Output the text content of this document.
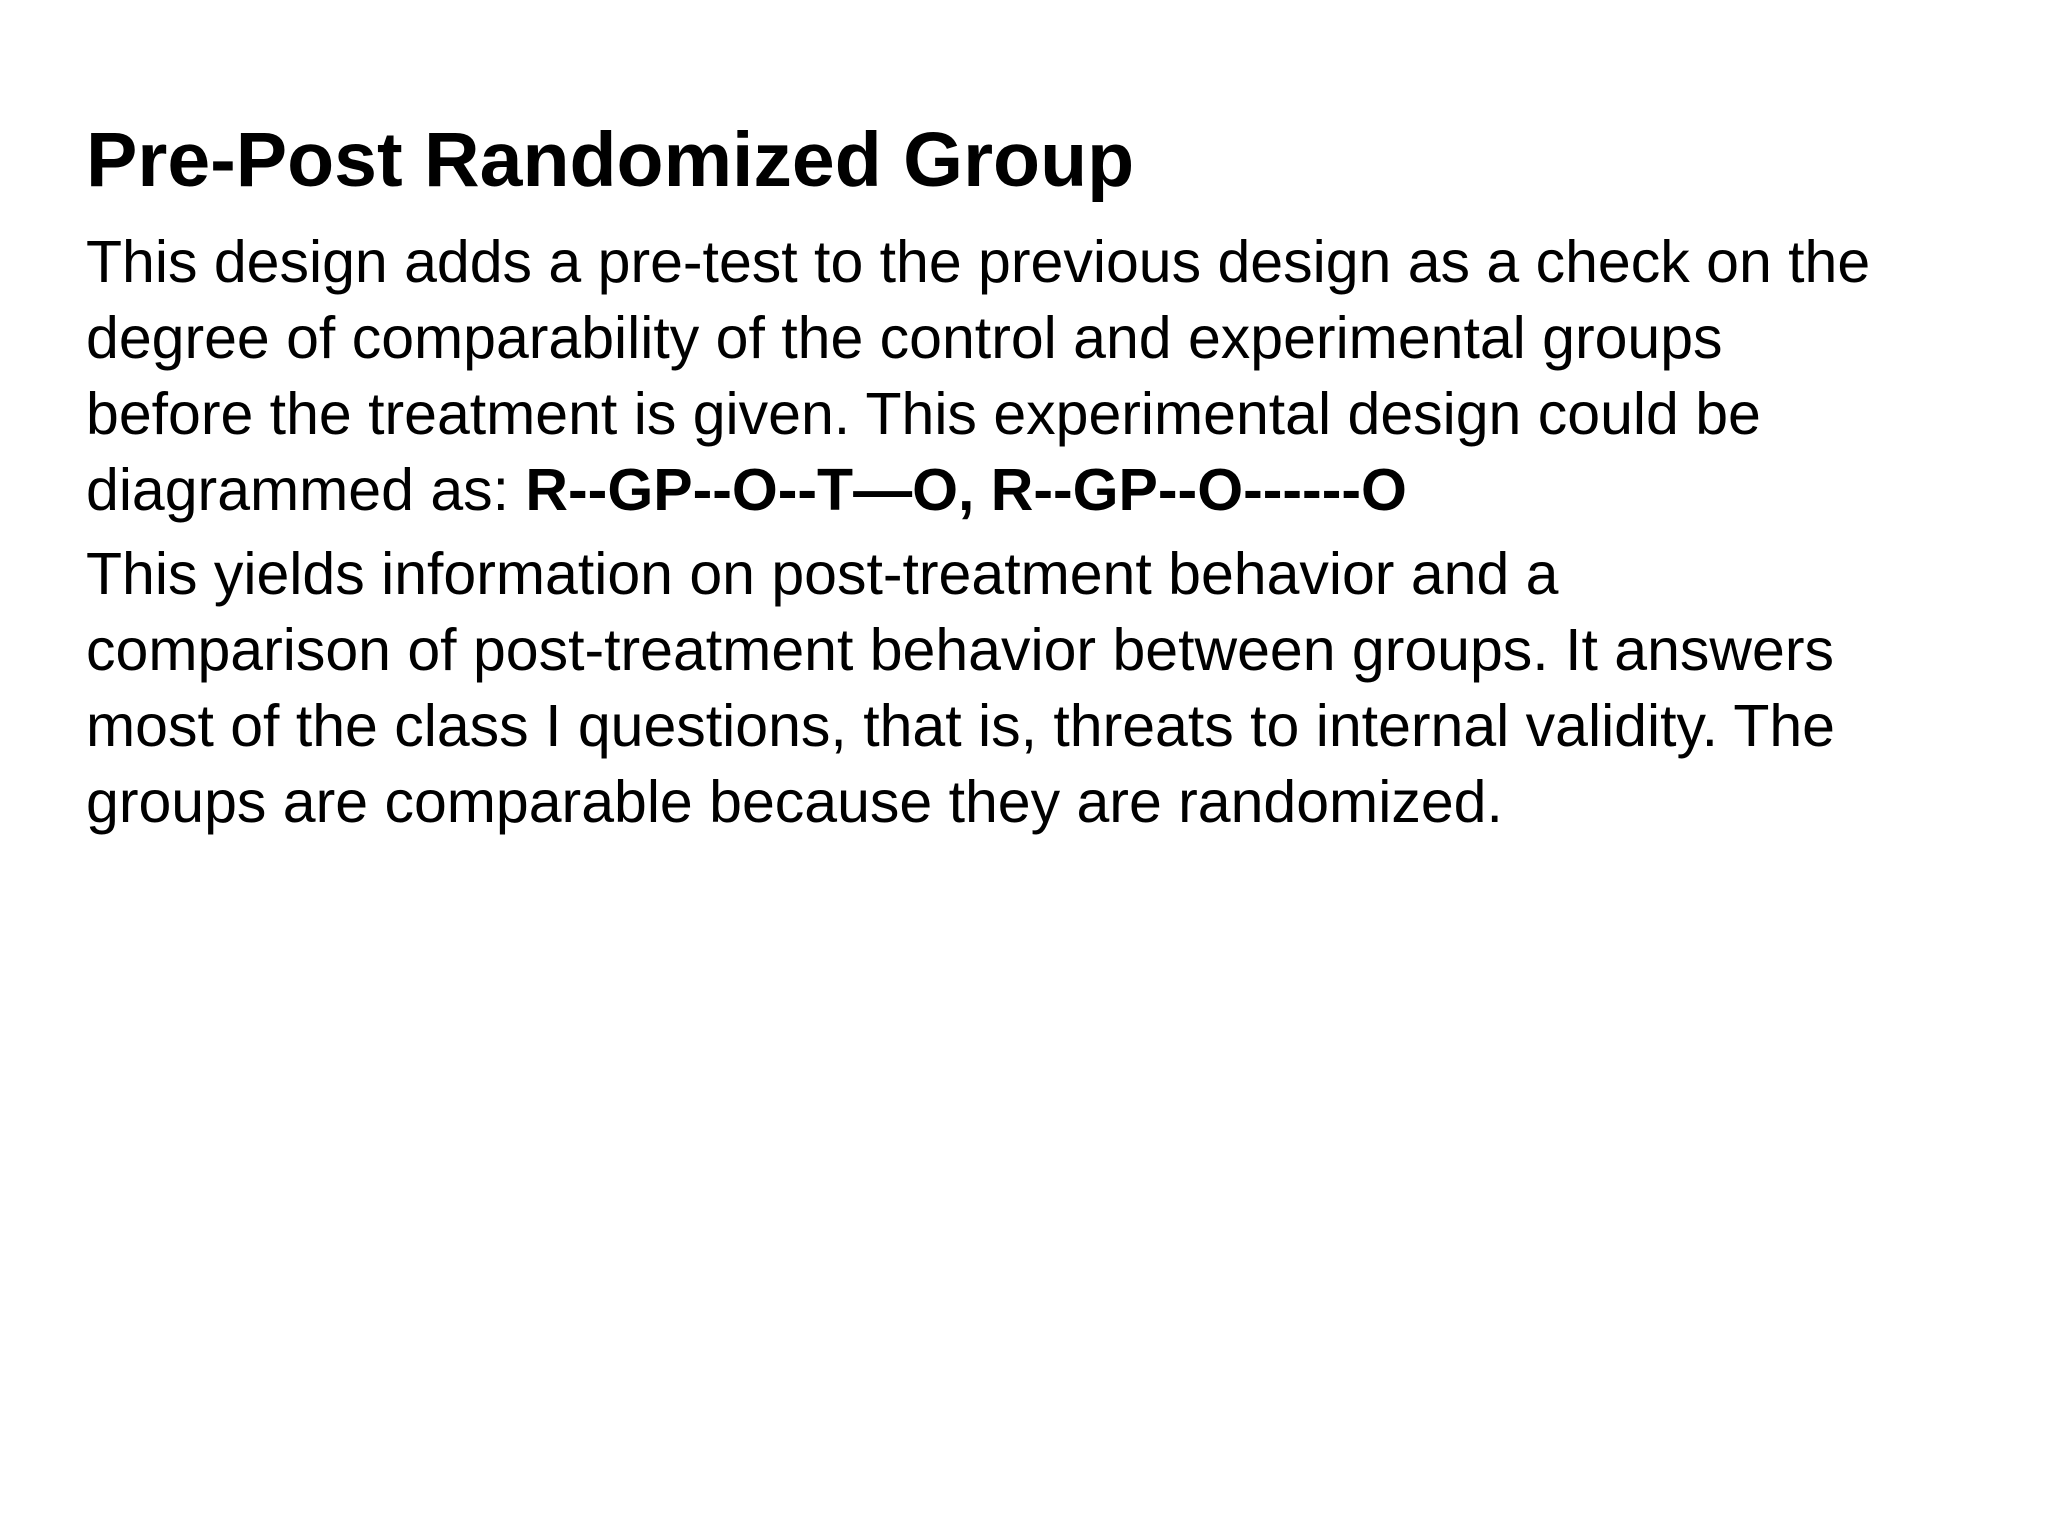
Pre-Post Randomized Group

This design adds a pre-test to the previous design as a check on the
degree of comparability of the control and experimental groups
before the treatment is given. This experimental design could be
diagrammed as: R--GP--O--T—O, R--GP--O------O

This yields information on post-treatment behavior and a
comparison of post-treatment behavior between groups. It answers
most of the class I questions, that is, threats to internal validity. The
groups are comparable because they are randomized.
